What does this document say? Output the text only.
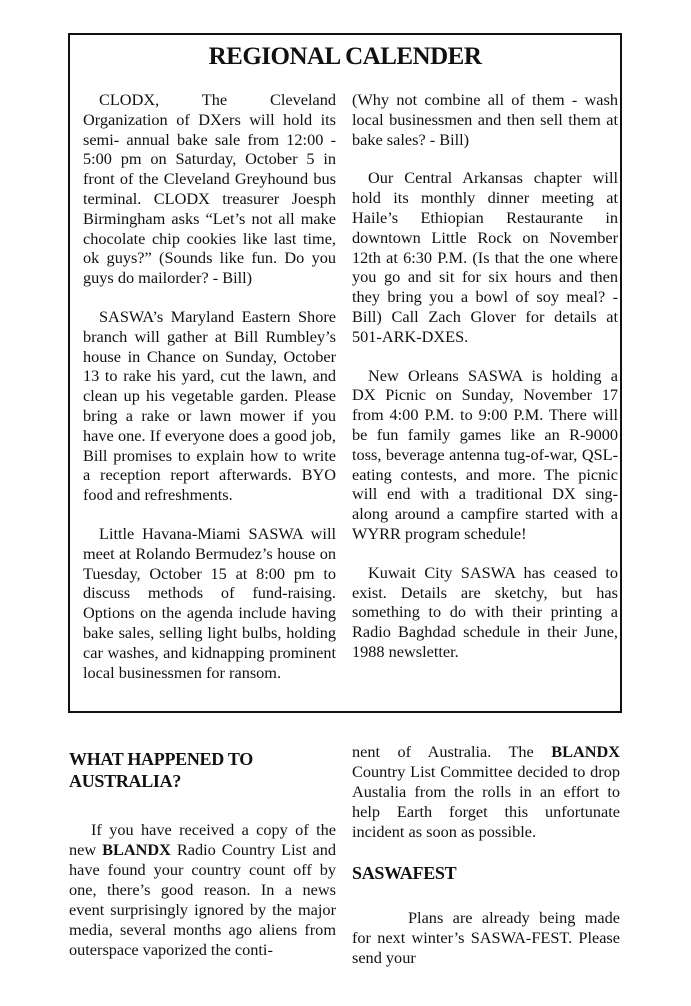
REGIONAL CALENDER

CLODX, The Cleveland Organization of DXers will hold its semi- annual bake sale from 12:00 - 5:00 pm on Saturday, October 5 in front of the Cleveland Greyhound bus terminal. CLODX treasurer Joesph Birmingham asks “Let’s not all make chocolate chip cookies like last time, ok guys?” (Sounds like fun. Do you guys do mailorder? - Bill)

SASWA’s Maryland Eastern Shore branch will gather at Bill Rumbley’s house in Chance on Sunday, October 13 to rake his yard, cut the lawn, and clean up his vegetable garden. Please bring a rake or lawn mower if you have one. If everyone does a good job, Bill promises to explain how to write a reception report afterwards. BYO food and refreshments.

Little Havana-Miami SASWA will meet at Rolando Bermudez’s house on Tuesday, October 15 at 8:00 pm to discuss methods of fund-raising. Options on the agenda include having bake sales, selling light bulbs, holding car washes, and kidnapping prominent local businessmen for ransom.

(Why not combine all of them - wash local businessmen and then sell them at bake sales? - Bill)

Our Central Arkansas chapter will hold its monthly dinner meeting at Haile’s Ethiopian Restaurante in downtown Little Rock on November 12th at 6:30 P.M. (Is that the one where you go and sit for six hours and then they bring you a bowl of soy meal? - Bill) Call Zach Glover for details at 501-ARK-DXES.

New Orleans SASWA is holding a DX Picnic on Sunday, November 17 from 4:00 P.M. to 9:00 P.M. There will be fun family games like an R-9000 toss, beverage antenna tug-of-war, QSL-eating contests, and more. The picnic will end with a traditional DX sing-along around a campfire started with a WYRR program schedule!

Kuwait City SASWA has ceased to exist. Details are sketchy, but has something to do with their printing a Radio Baghdad schedule in their June, 1988 newsletter.

WHAT HAPPENED TO AUSTRALIA?

If you have received a copy of the new BLANDX Radio Country List and have found your country count off by one, there’s good reason. In a news event surprisingly ignored by the major media, several months ago aliens from outerspace vaporized the conti-

nent of Australia. The BLANDX Country List Committee decided to drop Austalia from the rolls in an effort to help Earth forget this unfortunate incident as soon as possible.

SASWAFEST

Plans are already being made for next winter’s SASWA-FEST. Please send your
